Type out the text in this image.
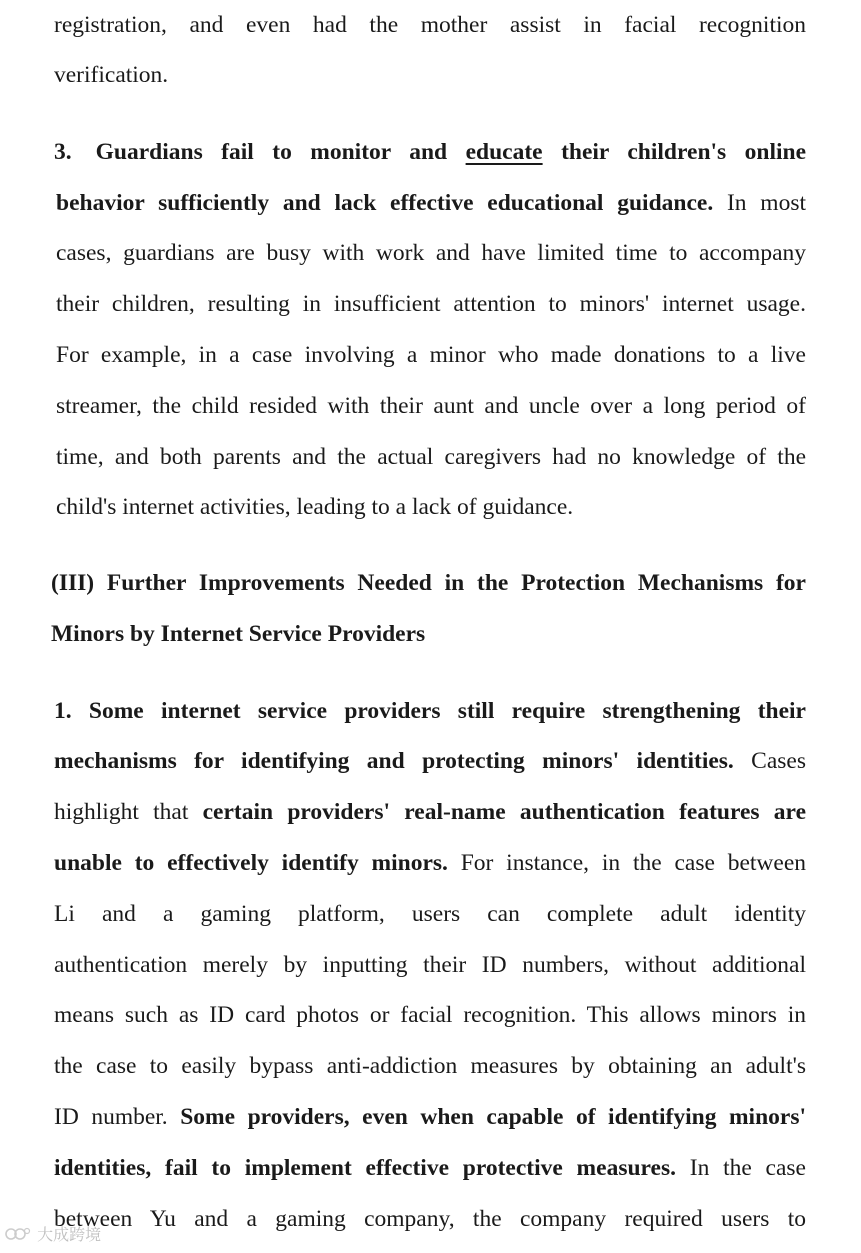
registration, and even had the mother assist in facial recognition
verification.
3. Guardians fail to monitor and educate their children's online
behavior sufficiently and lack effective educational guidance. In most
cases, guardians are busy with work and have limited time to accompany
their children, resulting in insufficient attention to minors' internet usage.
For example, in a case involving a minor who made donations to a live
streamer, the child resided with their aunt and uncle over a long period of
time, and both parents and the actual caregivers had no knowledge of the
child's internet activities, leading to a lack of guidance.
(III) Further Improvements Needed in the Protection Mechanisms for
Minors by Internet Service Providers
1. Some internet service providers still require strengthening their
mechanisms for identifying and protecting minors' identities. Cases
highlight that certain providers' real-name authentication features are
unable to effectively identify minors. For instance, in the case between
Li and a gaming platform, users can complete adult identity
authentication merely by inputting their ID numbers, without additional
means such as ID card photos or facial recognition. This allows minors in
the case to easily bypass anti-addiction measures by obtaining an adult's
ID number. Some providers, even when capable of identifying minors'
identities, fail to implement effective protective measures. In the case
between Yu and a gaming company, the company required users to
大成跨境
